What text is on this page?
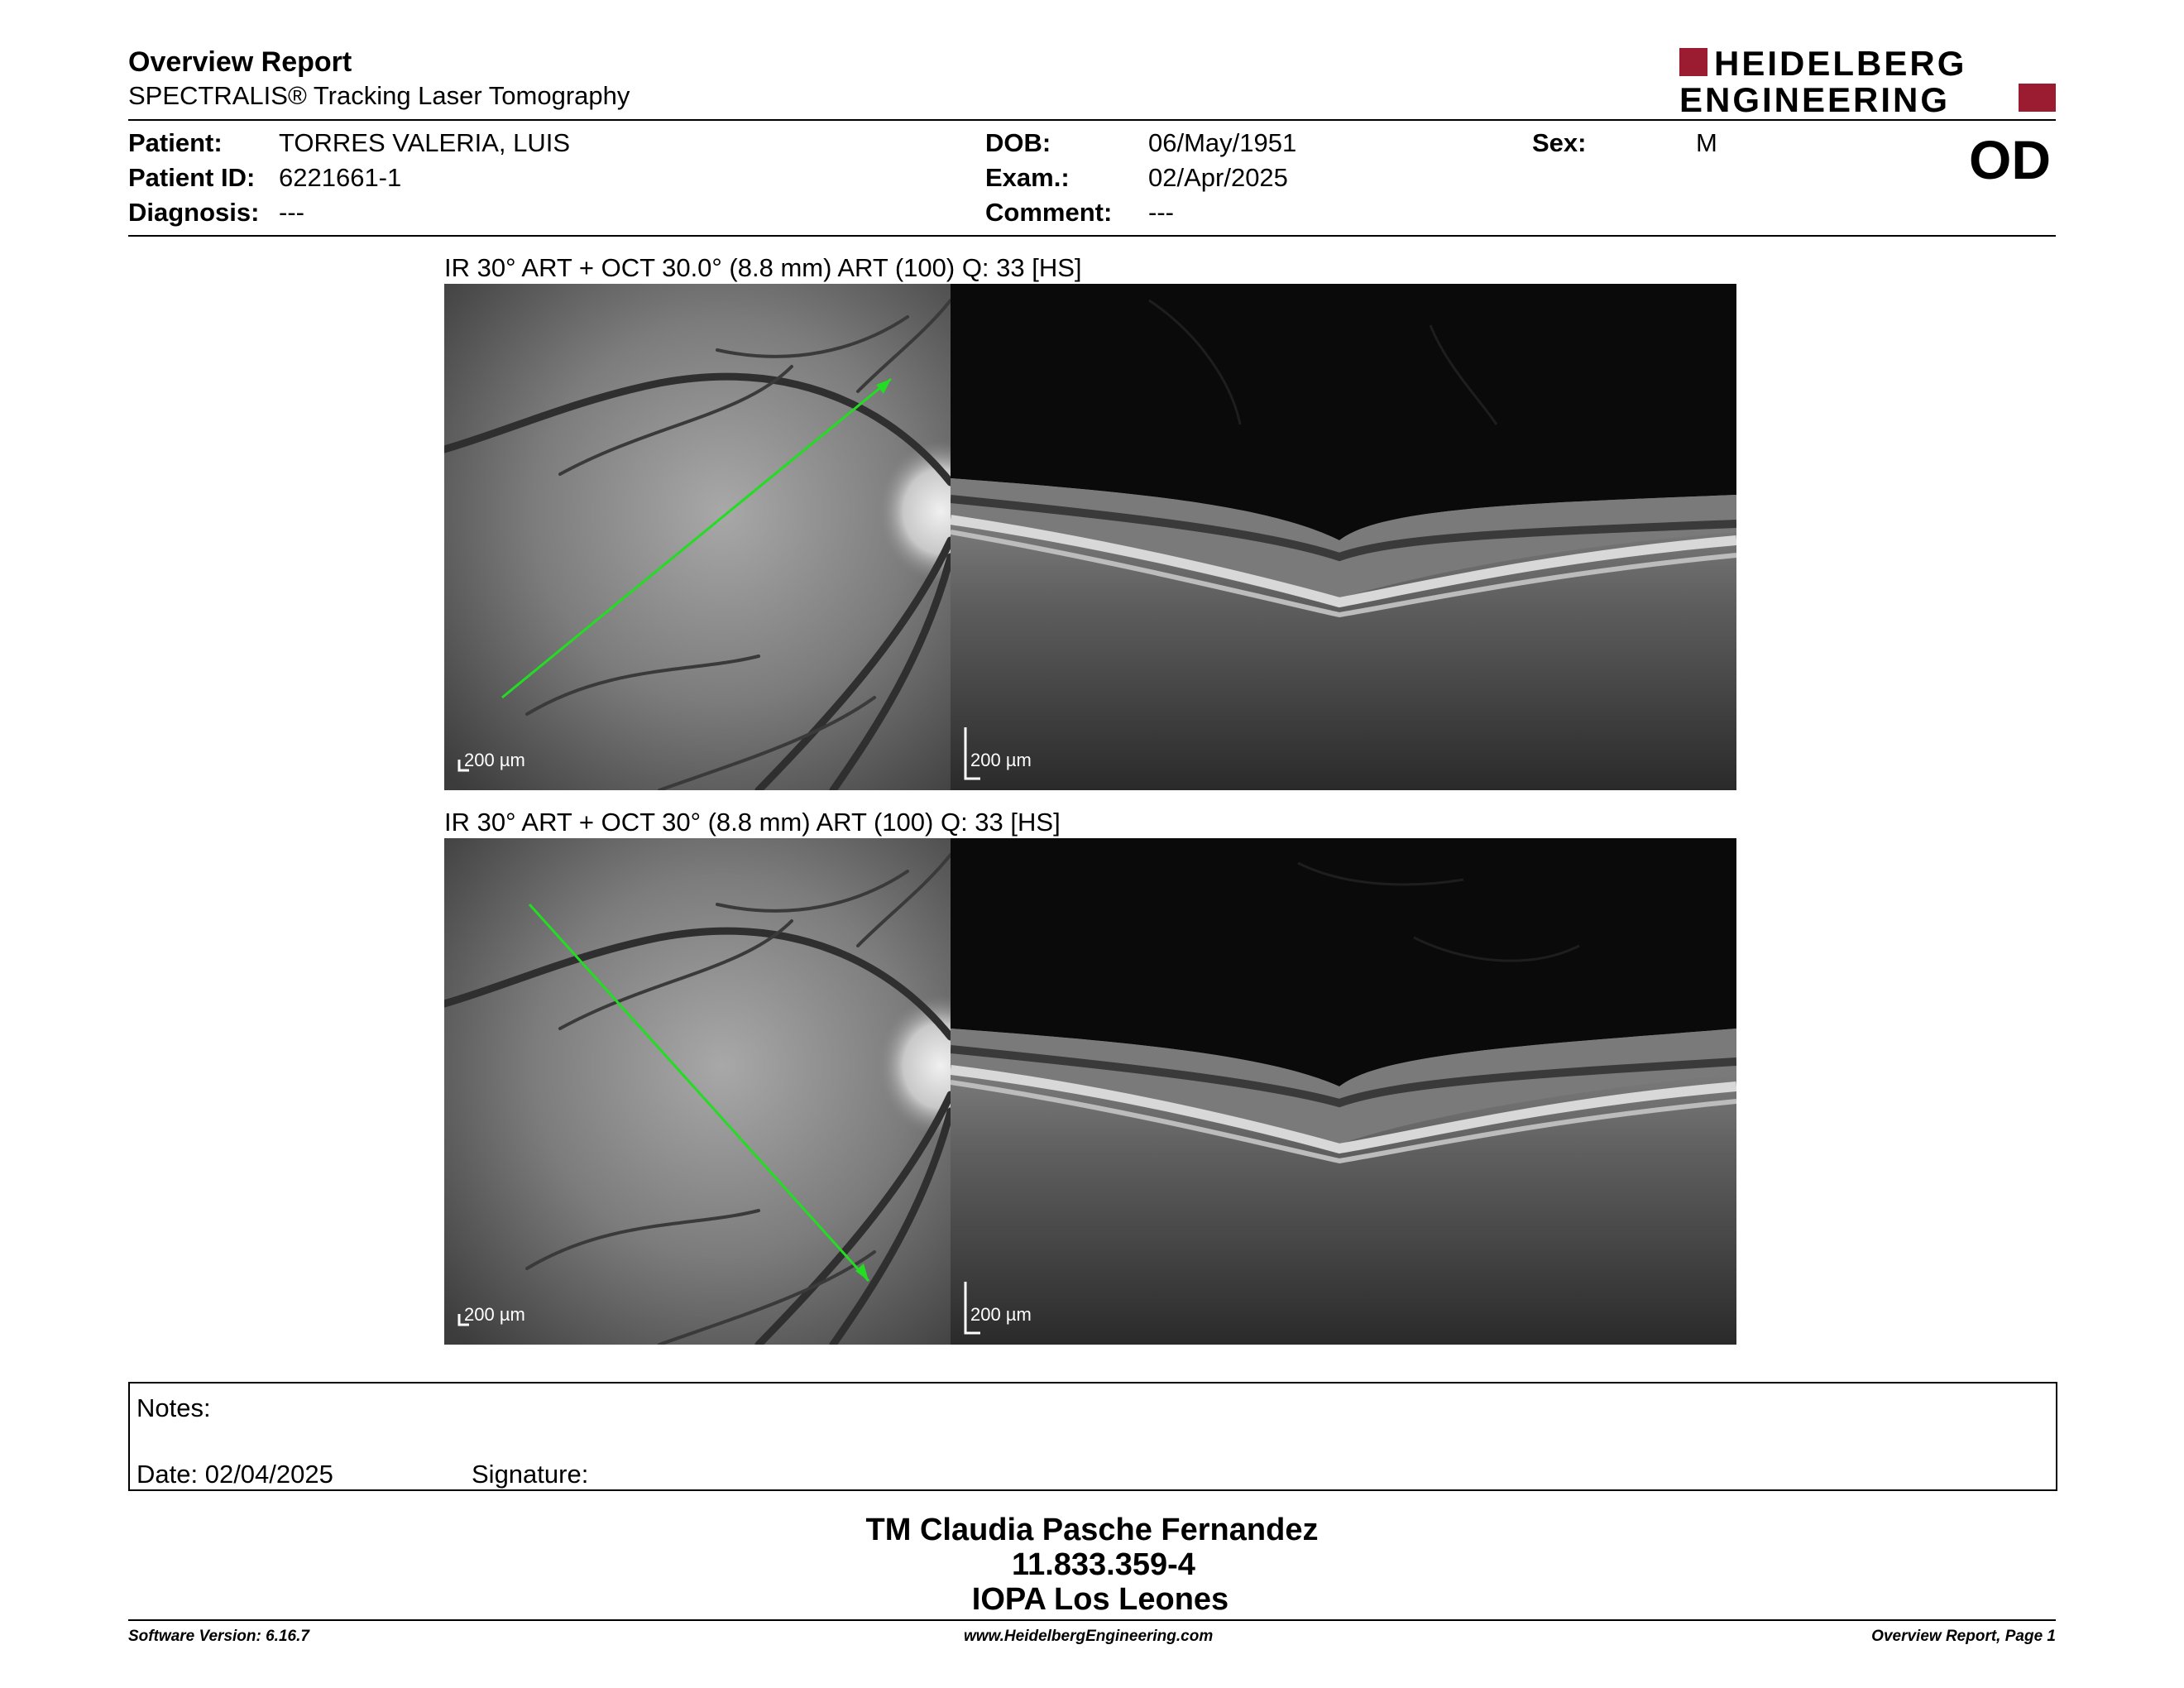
Overview Report
SPECTRALIS® Tracking Laser Tomography
HEIDELBERG
ENGINEERING
Patient: TORRES VALERIA, LUIS
Patient ID: 6221661-1
Diagnosis: ---
DOB:	06/May/1951
Exam.:	02/Apr/2025
Comment: ---
Sex:	M	OD
IR 30° ART + OCT 30.0° (8.8 mm) ART (100) Q: 33 [HS]
200 µm	200 µm
IR 30° ART + OCT 30° (8.8 mm) ART (100) Q: 33 [HS]
200 µm	200 µm
Notes:
Date: 02/04/2025	Signature:
TM Claudia Pasche Fernandez
11.833.359-4
IOPA Los Leones
Software Version: 6.16.7	www.HeidelbergEngineering.com	Overview Report, Page 1
